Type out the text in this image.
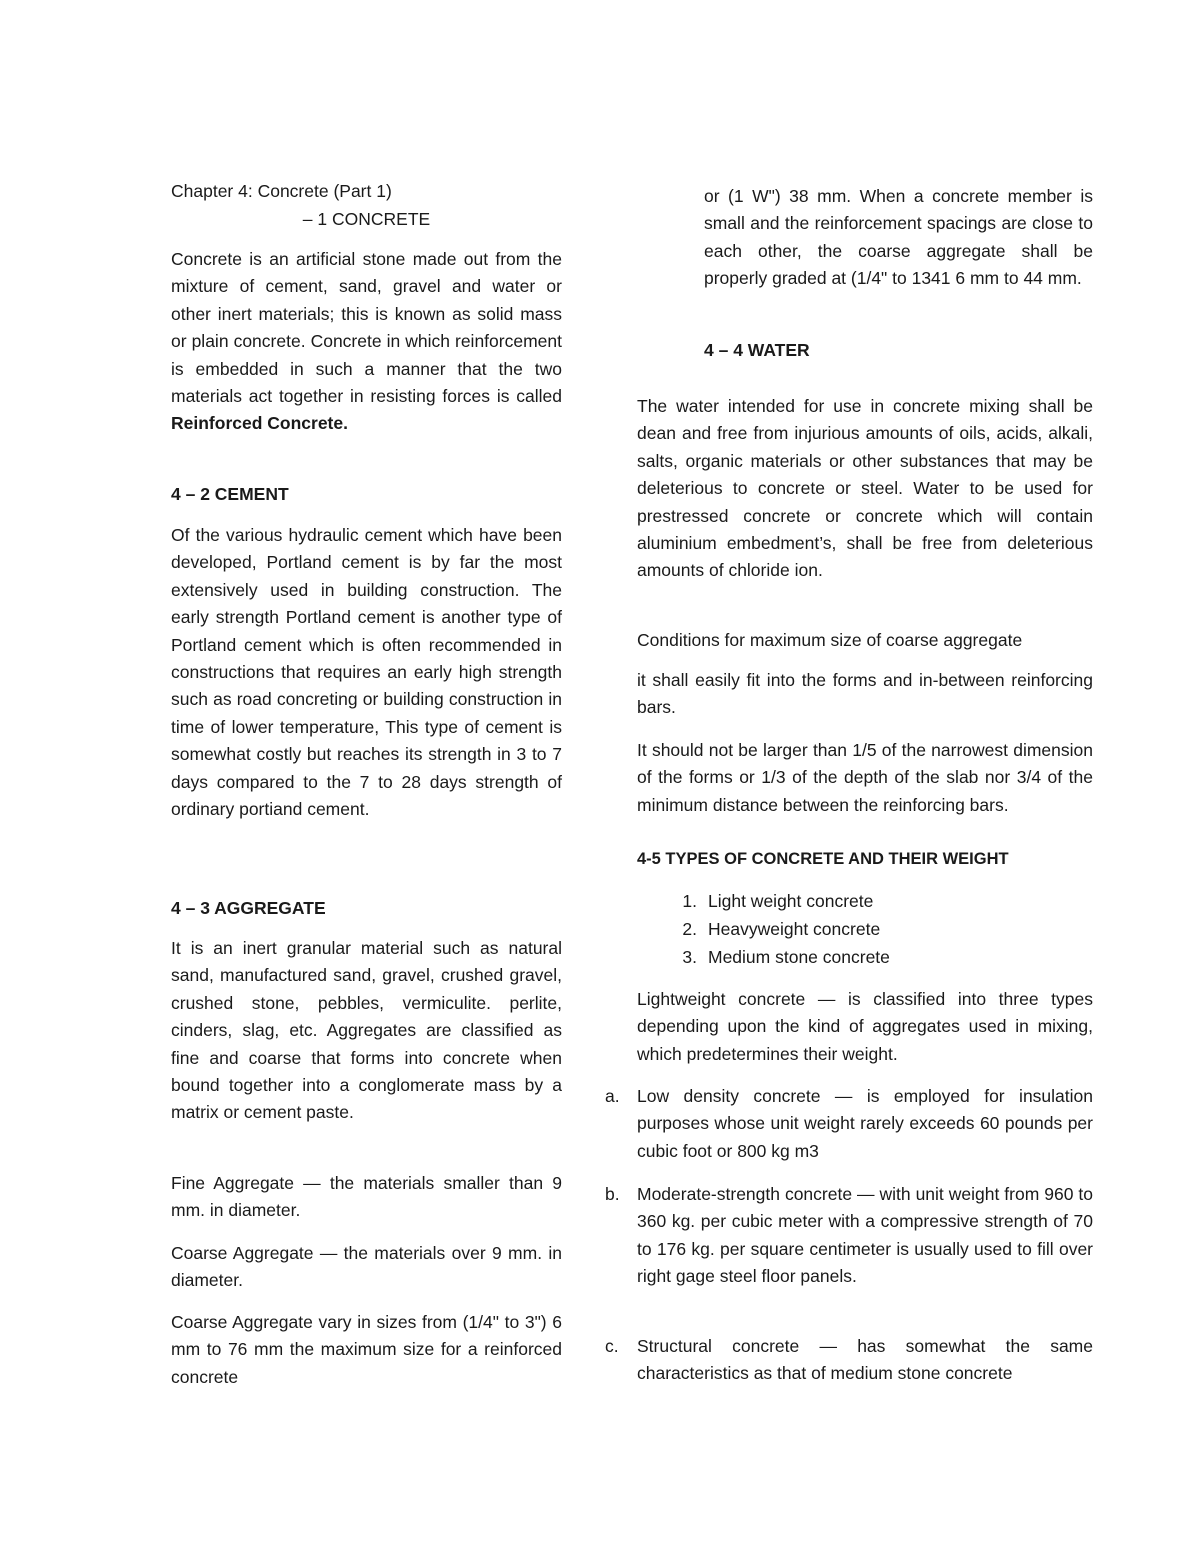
Chapter 4: Concrete (Part 1)

– 1 CONCRETE

Concrete is an artificial stone made out from the mixture of cement, sand, gravel and water or other inert materials; this is known as solid mass or plain concrete. Concrete in which reinforcement is embedded in such a manner that the two materials act together in resisting forces is called Reinforced Concrete.

4 – 2 CEMENT

Of the various hydraulic cement which have been developed, Portland cement is by far the most extensively used in building construction. The early strength Portland cement is another type of Portland cement which is often recommended in constructions that requires an early high strength such as road concreting or building construction in time of lower temperature, This type of cement is somewhat costly but reaches its strength in 3 to 7 days compared to the 7 to 28 days strength of ordinary portiand cement.

4 – 3 AGGREGATE

It is an inert granular material such as natural sand, manufactured sand, gravel, crushed gravel, crushed stone, pebbles, vermiculite. perlite, cinders, slag, etc. Aggregates are classified as fine and coarse that forms into concrete when bound together into a conglomerate mass by a matrix or cement paste.

Fine Aggregate — the materials smaller than 9 mm. in diameter.

Coarse Aggregate — the materials over 9 mm. in diameter.

Coarse Aggregate vary in sizes from (1/4" to 3") 6 mm to 76 mm the maximum size for a reinforced concrete

or (1 W") 38 mm. When a concrete member is small and the reinforcement spacings are close to each other, the coarse aggregate shall be properly graded at (1/4" to 1341 6 mm to 44 mm.

4 – 4 WATER

The water intended for use in concrete mixing shall be dean and free from injurious amounts of oils, acids, alkali, salts, organic materials or other substances that may be deleterious to concrete or steel. Water to be used for prestressed concrete or concrete which will contain aluminium embedment’s, shall be free from deleterious amounts of chloride ion.

Conditions for maximum size of coarse aggregate

it shall easily fit into the forms and in-between reinforcing bars.

It should not be larger than 1/5 of the narrowest dimension of the forms or 1/3 of the depth of the slab nor 3/4 of the minimum distance between the reinforcing bars.

4-5 TYPES OF CONCRETE AND THEIR WEIGHT

1. Light weight concrete
2. Heavyweight concrete
3. Medium stone concrete

Lightweight concrete — is classified into three types depending upon the kind of aggregates used in mixing, which predetermines their weight.

a. Low density concrete — is employed for insulation purposes whose unit weight rarely exceeds 60 pounds per cubic foot or 800 kg m3

b. Moderate-strength concrete — with unit weight from 960 to 360 kg. per cubic meter with a compressive strength of 70 to 176 kg. per square centimeter is usually used to fill over right gage steel floor panels.

c.	Structural concrete — has somewhat the same characteristics as that of medium stone concrete
